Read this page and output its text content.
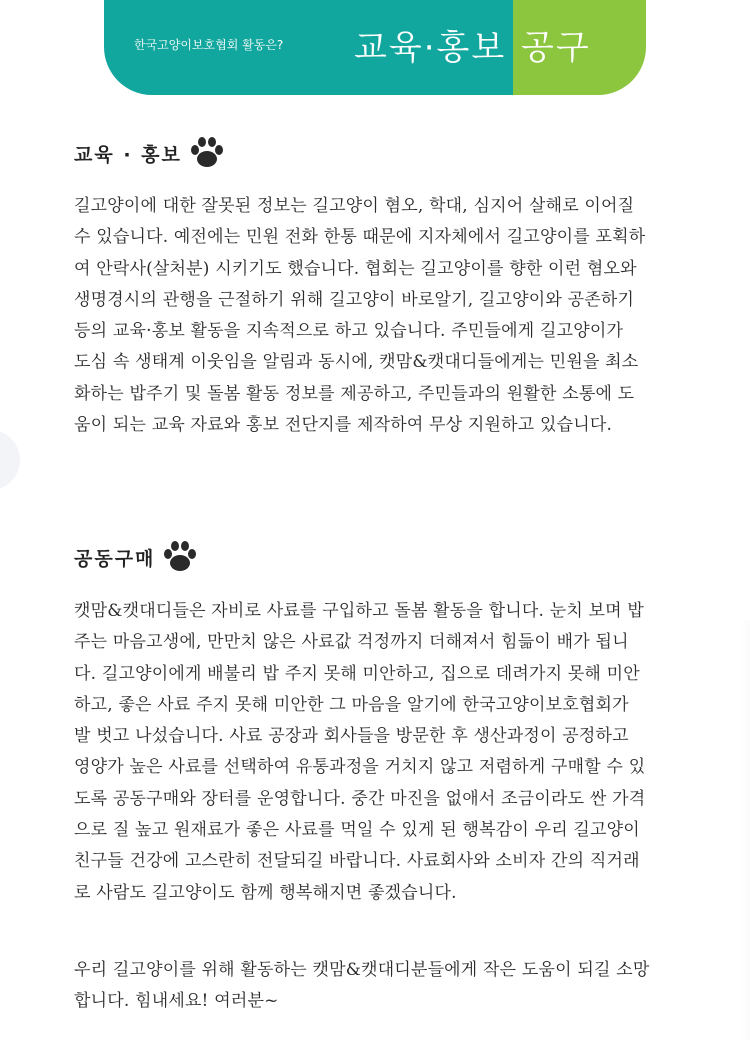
한국고양이보호협회 활동은? 교육·홍보 공구
교육 · 홍보
길고양이에 대한 잘못된 정보는 길고양이 혐오, 학대, 심지어 살해로 이어질
수 있습니다. 예전에는 민원 전화 한통 때문에 지자체에서 길고양이를 포획하
여 안락사(살처분) 시키기도 했습니다. 협회는 길고양이를 향한 이런 혐오와
생명경시의 관행을 근절하기 위해 길고양이 바로알기, 길고양이와 공존하기
등의 교육·홍보 활동을 지속적으로 하고 있습니다. 주민들에게 길고양이가
도심 속 생태계 이웃임을 알림과 동시에, 캣맘&캣대디들에게는 민원을 최소
화하는 밥주기 및 돌봄 활동 정보를 제공하고, 주민들과의 원활한 소통에 도
움이 되는 교육 자료와 홍보 전단지를 제작하여 무상 지원하고 있습니다.
공동구매
캣맘&캣대디들은 자비로 사료를 구입하고 돌봄 활동을 합니다. 눈치 보며 밥
주는 마음고생에, 만만치 않은 사료값 걱정까지 더해져서 힘듦이 배가 됩니
다. 길고양이에게 배불리 밥 주지 못해 미안하고, 집으로 데려가지 못해 미안
하고, 좋은 사료 주지 못해 미안한 그 마음을 알기에 한국고양이보호협회가
발 벗고 나섰습니다. 사료 공장과 회사들을 방문한 후 생산과정이 공정하고
영양가 높은 사료를 선택하여 유통과정을 거치지 않고 저렴하게 구매할 수 있
도록 공동구매와 장터를 운영합니다. 중간 마진을 없애서 조금이라도 싼 가격
으로 질 높고 원재료가 좋은 사료를 먹일 수 있게 된 행복감이 우리 길고양이
친구들 건강에 고스란히 전달되길 바랍니다. 사료회사와 소비자 간의 직거래
로 사람도 길고양이도 함께 행복해지면 좋겠습니다.
우리 길고양이를 위해 활동하는 캣맘&캣대디분들에게 작은 도움이 되길 소망
합니다. 힘내세요! 여러분~
